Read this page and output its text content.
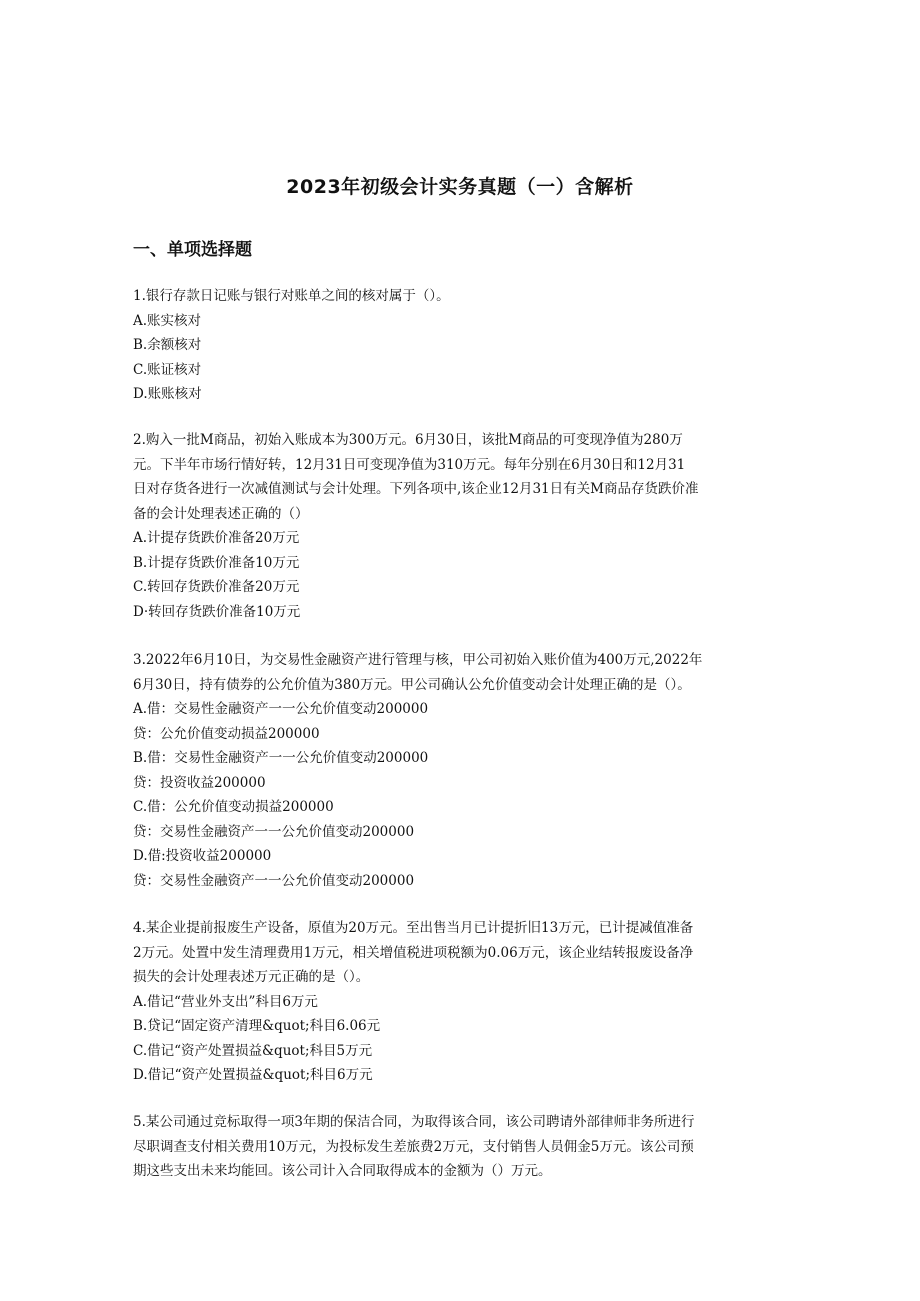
2023年初级会计实务真题（一）含解析
一、单项选择题
1.银行存款日记账与银行对账单之间的核对属于（）。
A.账实核对
B.余额核对
C.账证核对
D.账账核对
2.购入一批M商品，初始入账成本为300万元。6月30日，该批M商品的可变现净值为280万
元。下半年市场行情好转，12月31日可变现净值为310万元。每年分别在6月30日和12月31
日对存货各进行一次减值测试与会计处理。下列各项中,该企业12月31日有关M商品存货跌价准
备的会计处理表述正确的（）
A.计提存货跌价准备20万元
B.计提存货跌价准备10万元
C.转回存货跌价准备20万元
D·转回存货跌价准备10万元
3.2022年6月10日，为交易性金融资产进行管理与核，甲公司初始入账价值为400万元,2022年
6月30日，持有债券的公允价值为380万元。甲公司确认公允价值变动会计处理正确的是（）。
A.借：交易性金融资产一一公允价值变动200000
贷：公允价值变动损益200000
B.借：交易性金融资产一一公允价值变动200000
贷：投资收益200000
C.借：公允价值变动损益200000
贷：交易性金融资产一一公允价值变动200000
D.借:投资收益200000
贷：交易性金融资产一一公允价值变动200000
4.某企业提前报废生产设备，原值为20万元。至出售当月已计提折旧13万元，已计提减值准备
2万元。处置中发生清理费用1万元，相关增值税进项税额为0.06万元，该企业结转报废设备净
损失的会计处理表述万元正确的是（）。
A.借记“营业外支出”科目6万元
B.贷记“固定资产清理&quot;科目6.06元
C.借记“资产处置损益&quot;科目5万元
D.借记“资产处置损益&quot;科目6万元
5.某公司通过竞标取得一项3年期的保洁合同，为取得该合同，该公司聘请外部律师非务所进行
尽职调查支付相关费用10万元，为投标发生差旅费2万元，支付销售人员佣金5万元。该公司预
期这些支出未来均能回。该公司计入合同取得成本的金额为（）万元。
